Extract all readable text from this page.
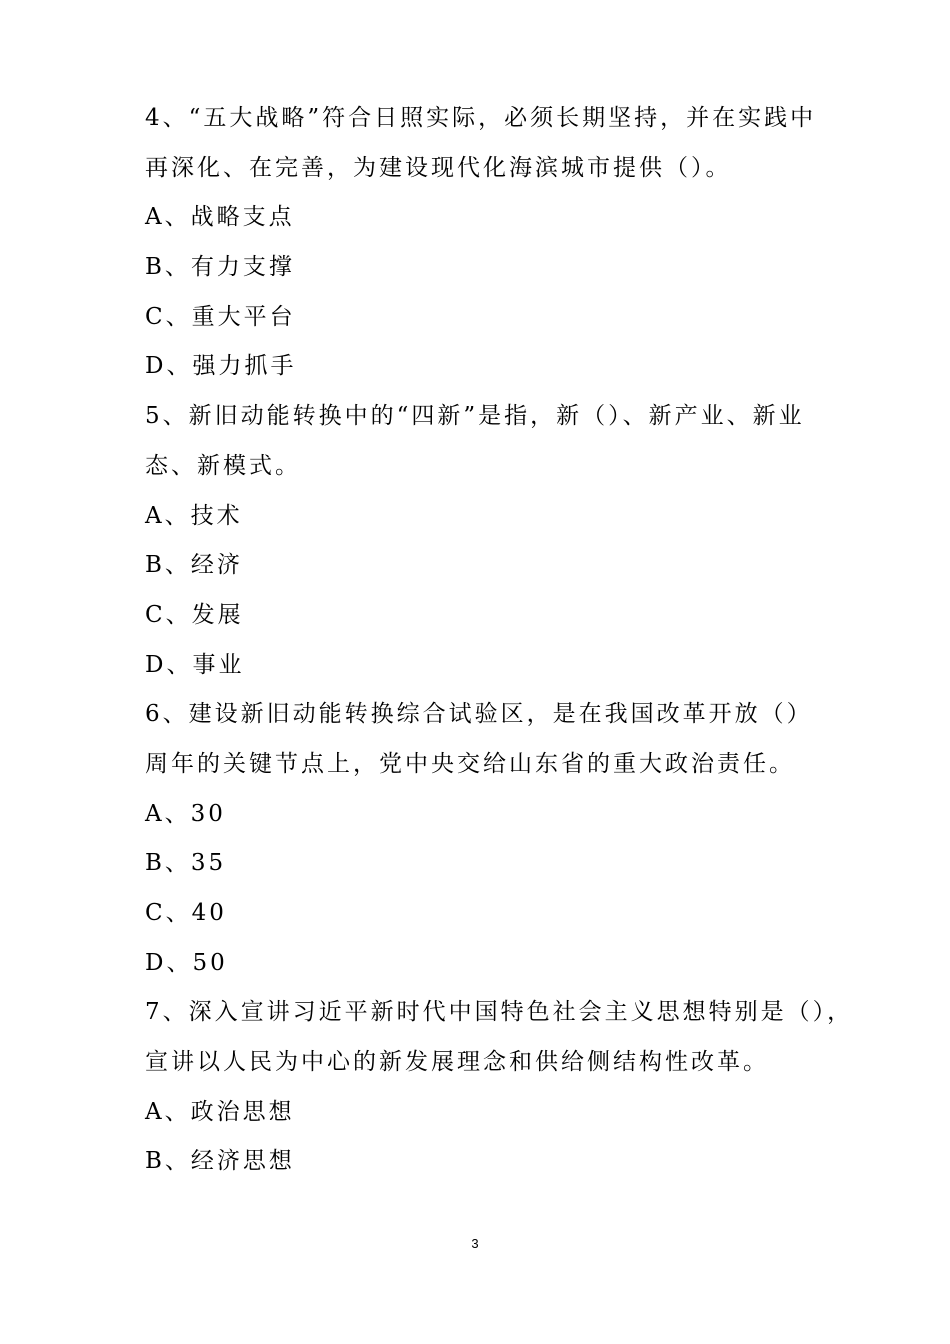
4、“五大战略”符合日照实际，必须长期坚持，并在实践中
再深化、在完善，为建设现代化海滨城市提供（）。
A、战略支点
B、有力支撑
C、重大平台
D、强力抓手
5、新旧动能转换中的“四新”是指，新（）、新产业、新业
态、新模式。
A、技术
B、经济
C、发展
D、事业
6、建设新旧动能转换综合试验区，是在我国改革开放（）
周年的关键节点上，党中央交给山东省的重大政治责任。
A、30
B、35
C、40
D、50
7、深入宣讲习近平新时代中国特色社会主义思想特别是（），
宣讲以人民为中心的新发展理念和供给侧结构性改革。
A、政治思想
B、经济思想
3
